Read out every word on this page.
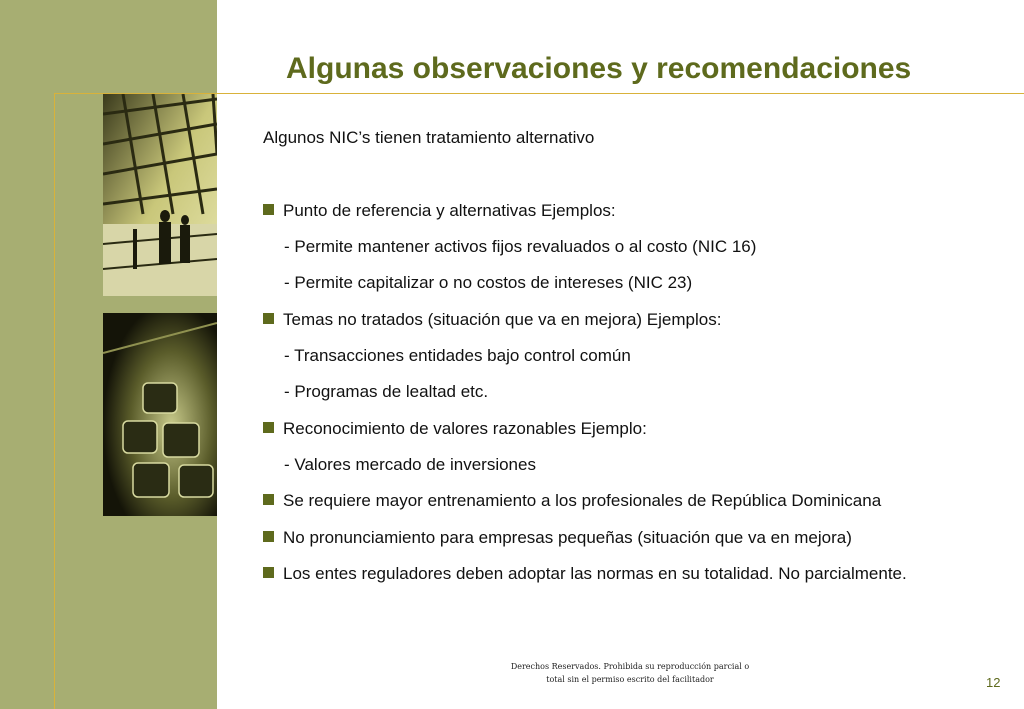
Algunas observaciones y recomendaciones
Algunos NIC’s tienen tratamiento alternativo
Punto de referencia y alternativas Ejemplos:
- Permite mantener activos fijos revaluados o al costo (NIC 16)
- Permite capitalizar o no costos de intereses (NIC 23)
Temas no tratados (situación que va en mejora) Ejemplos:
- Transacciones entidades bajo control común
- Programas de lealtad etc.
Reconocimiento de valores razonables Ejemplo:
- Valores mercado de inversiones
Se requiere mayor entrenamiento a los profesionales de República Dominicana
No pronunciamiento para empresas pequeñas (situación que va en mejora)
Los entes reguladores deben adoptar las normas en su totalidad. No parcialmente.
Derechos Reservados. Prohibida su reproducción parcial o
total sin el permiso escrito del facilitador	12
